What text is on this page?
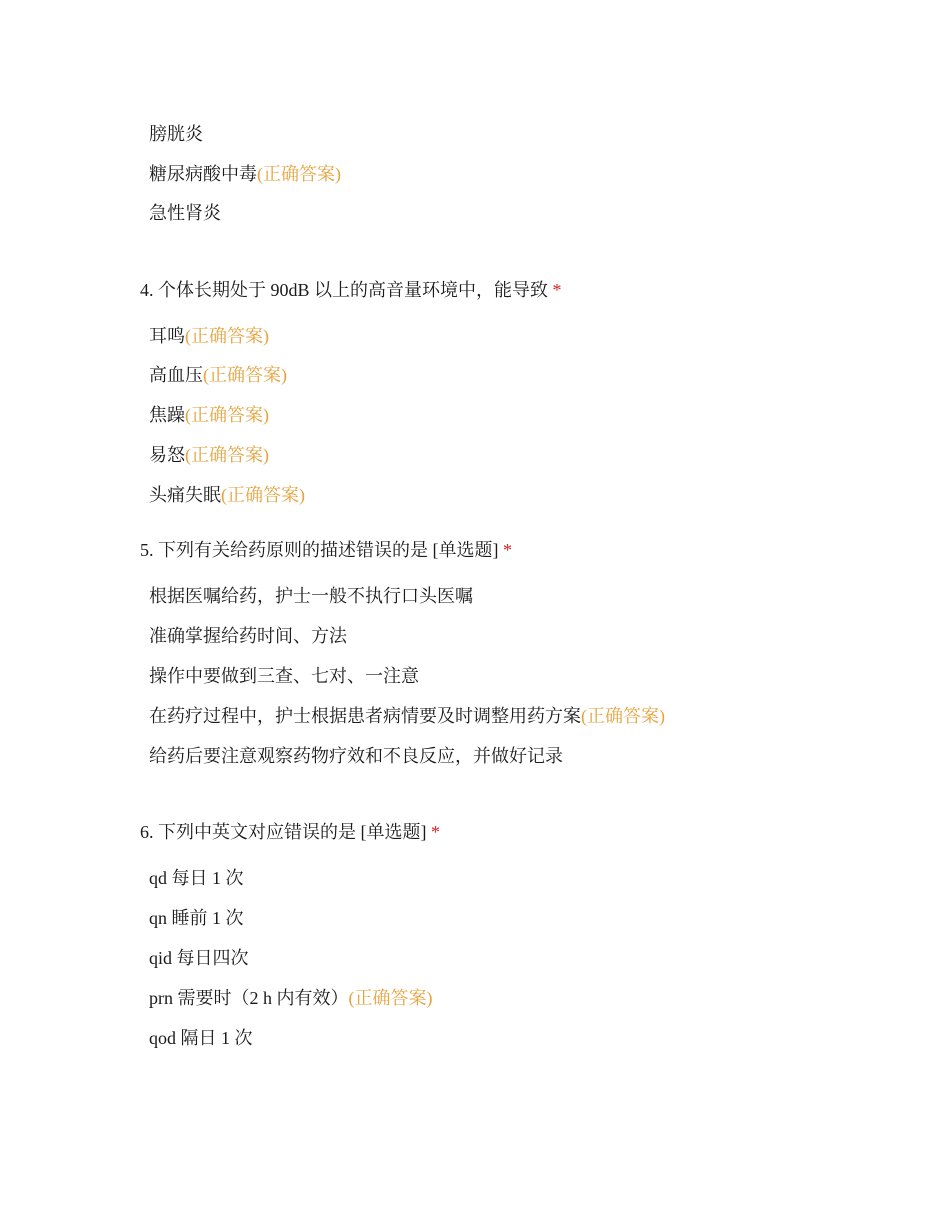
膀胱炎
糖尿病酸中毒(正确答案)
急性肾炎
4. 个体长期处于 90dB 以上的高音量环境中，能导致 *
耳鸣(正确答案)
高血压(正确答案)
焦躁(正确答案)
易怒(正确答案)
头痛失眠(正确答案)
5. 下列有关给药原则的描述错误的是 [单选题] *
根据医嘱给药，护士一般不执行口头医嘱
准确掌握给药时间、方法
操作中要做到三查、七对、一注意
在药疗过程中，护士根据患者病情要及时调整用药方案(正确答案)
给药后要注意观察药物疗效和不良反应，并做好记录
6. 下列中英文对应错误的是 [单选题] *
qd 每日 1 次
qn 睡前 1 次
qid 每日四次
prn 需要时（2 h 内有效）(正确答案)
qod 隔日 1 次
